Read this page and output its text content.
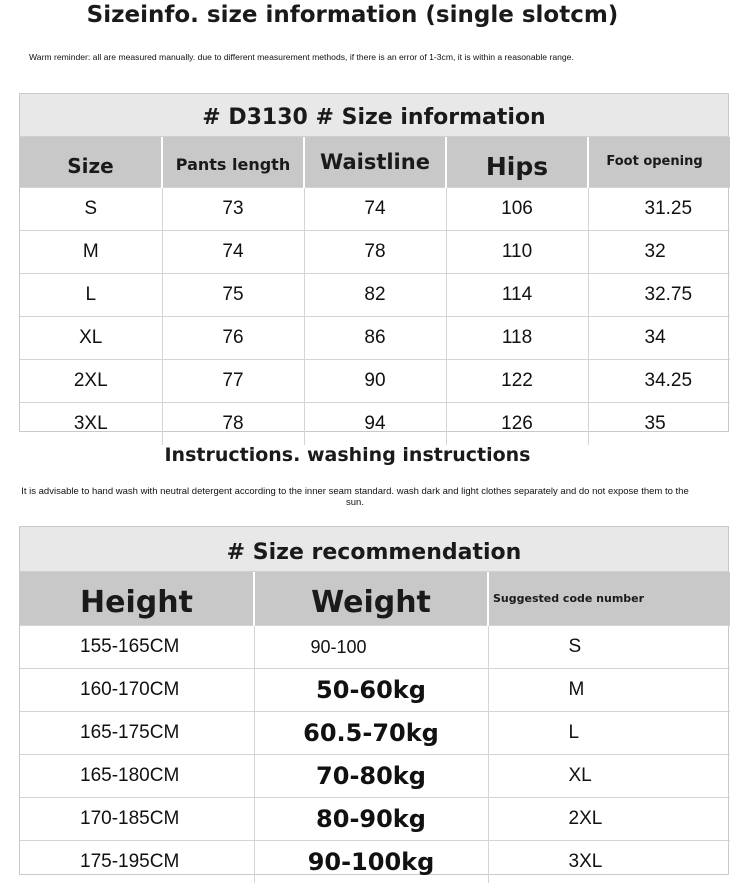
Sizeinfo. size information (single slotcm)
Warm reminder: all are measured manually. due to different measurement methods, if there is an error of 1-3cm, it is within a reasonable range.
# D3130 # Size information
Size	Pants length	Waistline	Hips	Foot opening
S	73	74	106	31.25
M	74	78	110	32
L	75	82	114	32.75
XL	76	86	118	34
2XL	77	90	122	34.25
3XL	78	94	126	35
Instructions. washing instructions
It is advisable to hand wash with neutral detergent according to the inner seam standard. wash dark and light clothes separately and do not expose them to the sun.
# Size recommendation
Height	Weight	Suggested code number
155-165CM	90-100	S
160-170CM	50-60kg	M
165-175CM	60.5-70kg	L
165-180CM	70-80kg	XL
170-185CM	80-90kg	2XL
175-195CM	90-100kg	3XL
